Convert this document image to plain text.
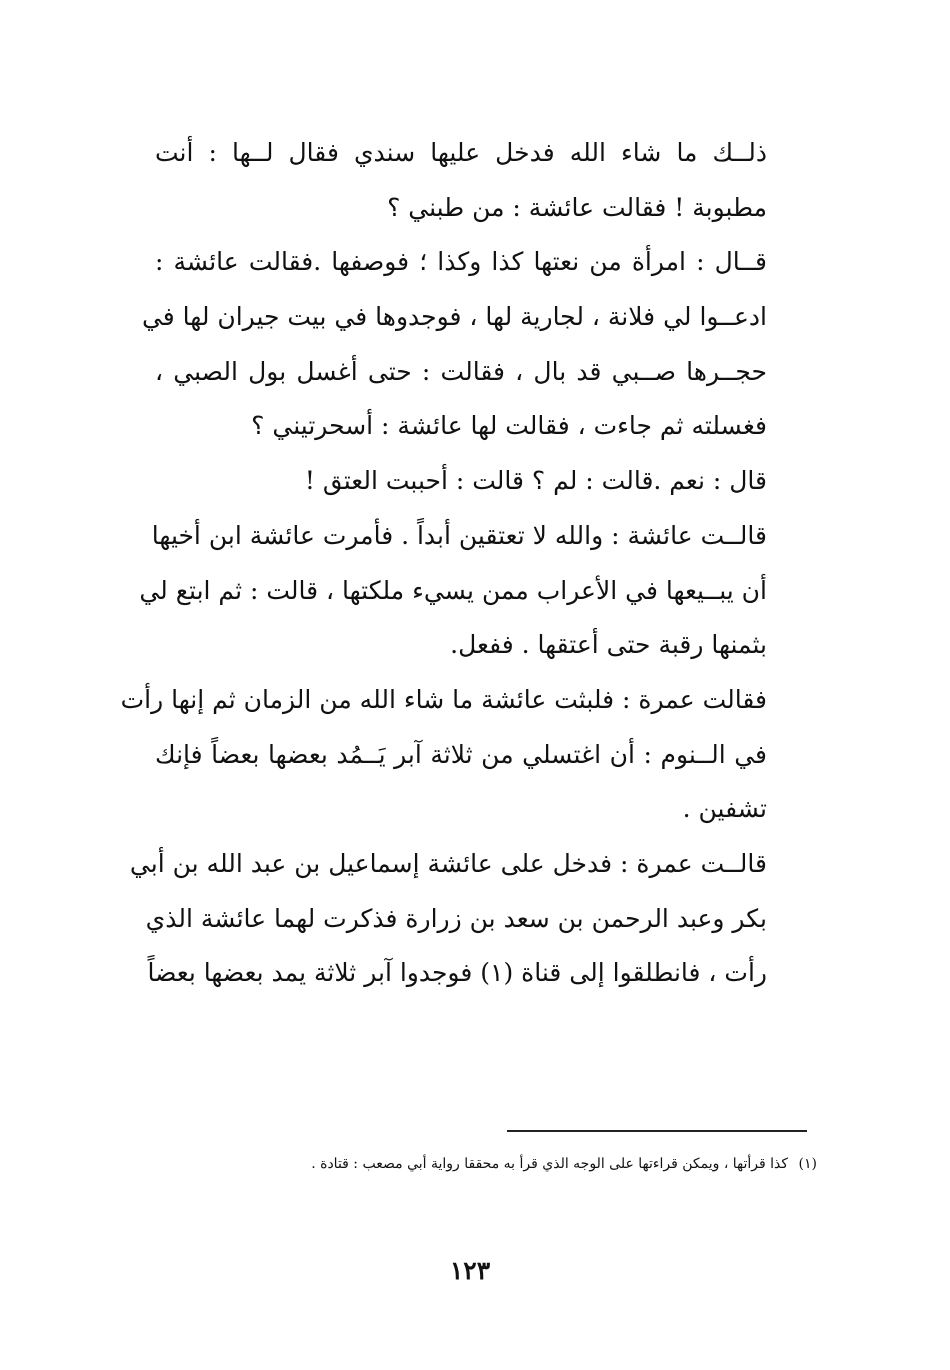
ذلــك ما شاء الله فدخل عليها سندي فقال لــها : أنت
مطبوبة ! فقالت عائشة : من طبني ؟
قــال : امرأة من نعتها كذا وكذا ؛ فوصفها .فقالت عائشة :
ادعــوا لي فلانة ، لجارية لها ، فوجدوها في بيت جيران لها في
حجــرها صــبي قد بال ، فقالت : حتى أغسل بول الصبي ،
فغسلته ثم جاءت ، فقالت لها عائشة : أسحرتيني ؟
قال : نعم .قالت : لم ؟ قالت : أحببت العتق !
قالــت عائشة : والله لا تعتقين أبداً . فأمرت عائشة ابن أخيها
أن يبــيعها في الأعراب ممن يسيء ملكتها ، قالت : ثم ابتع لي
بثمنها رقبة حتى أعتقها . ففعل.
فقالت عمرة : فلبثت عائشة ما شاء الله من الزمان ثم إنها رأت
في الــنوم : أن اغتسلي من ثلاثة آبر يَــمُد بعضها بعضاً فإنك
تشفين .
قالــت عمرة : فدخل على عائشة إسماعيل بن عبد الله بن أبي
بكر وعبد الرحمن بن سعد بن زرارة فذكرت لهما عائشة الذي
رأت ، فانطلقوا إلى قناة (١) فوجدوا آبر ثلاثة يمد بعضها بعضاً
(١) كذا قرأتها ، ويمكن قراءتها على الوجه الذي قرأ به محققا رواية أبي مصعب : قتادة .
١٢٣
